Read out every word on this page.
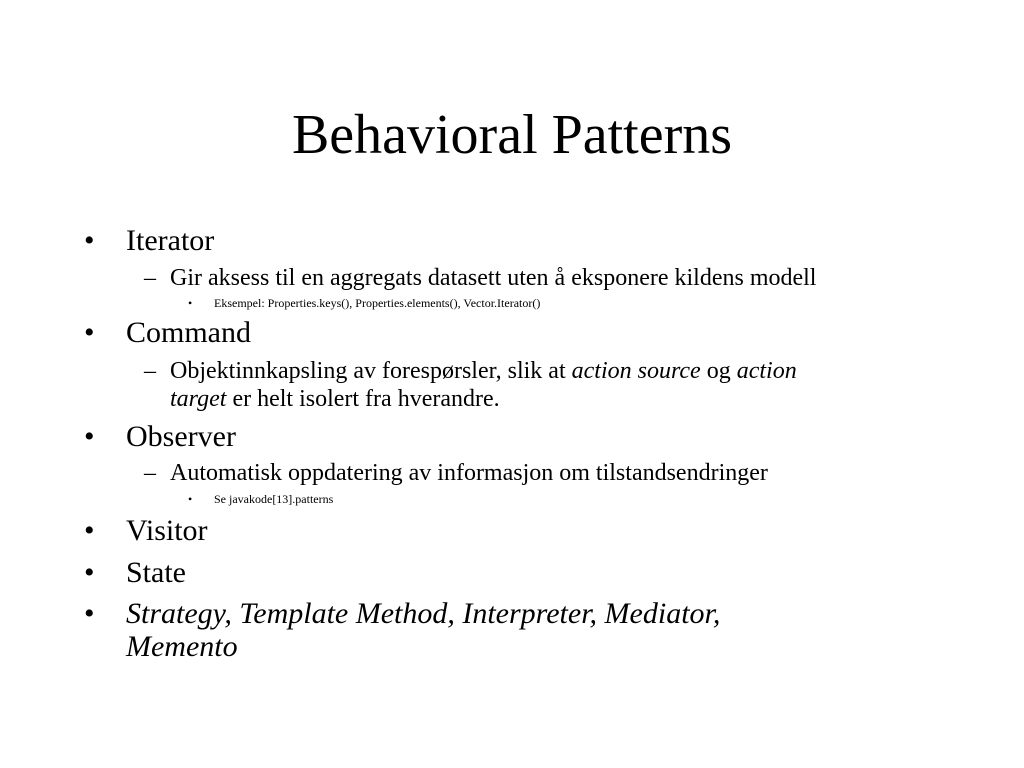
Behavioral Patterns
•	Iterator
– Gir aksess til en aggregats datasett uten å eksponere kildens modell
•	Eksempel: Properties.keys(), Properties.elements(), Vector.Iterator()
•	Command
– Objektinnkapsling av forespørsler, slik at action source og action
target er helt isolert fra hverandre.
•	Observer
– Automatisk oppdatering av informasjon om tilstandsendringer
•	Se javakode[13].patterns
•	Visitor
•	State
•	Strategy, Template Method, Interpreter, Mediator,
Memento
